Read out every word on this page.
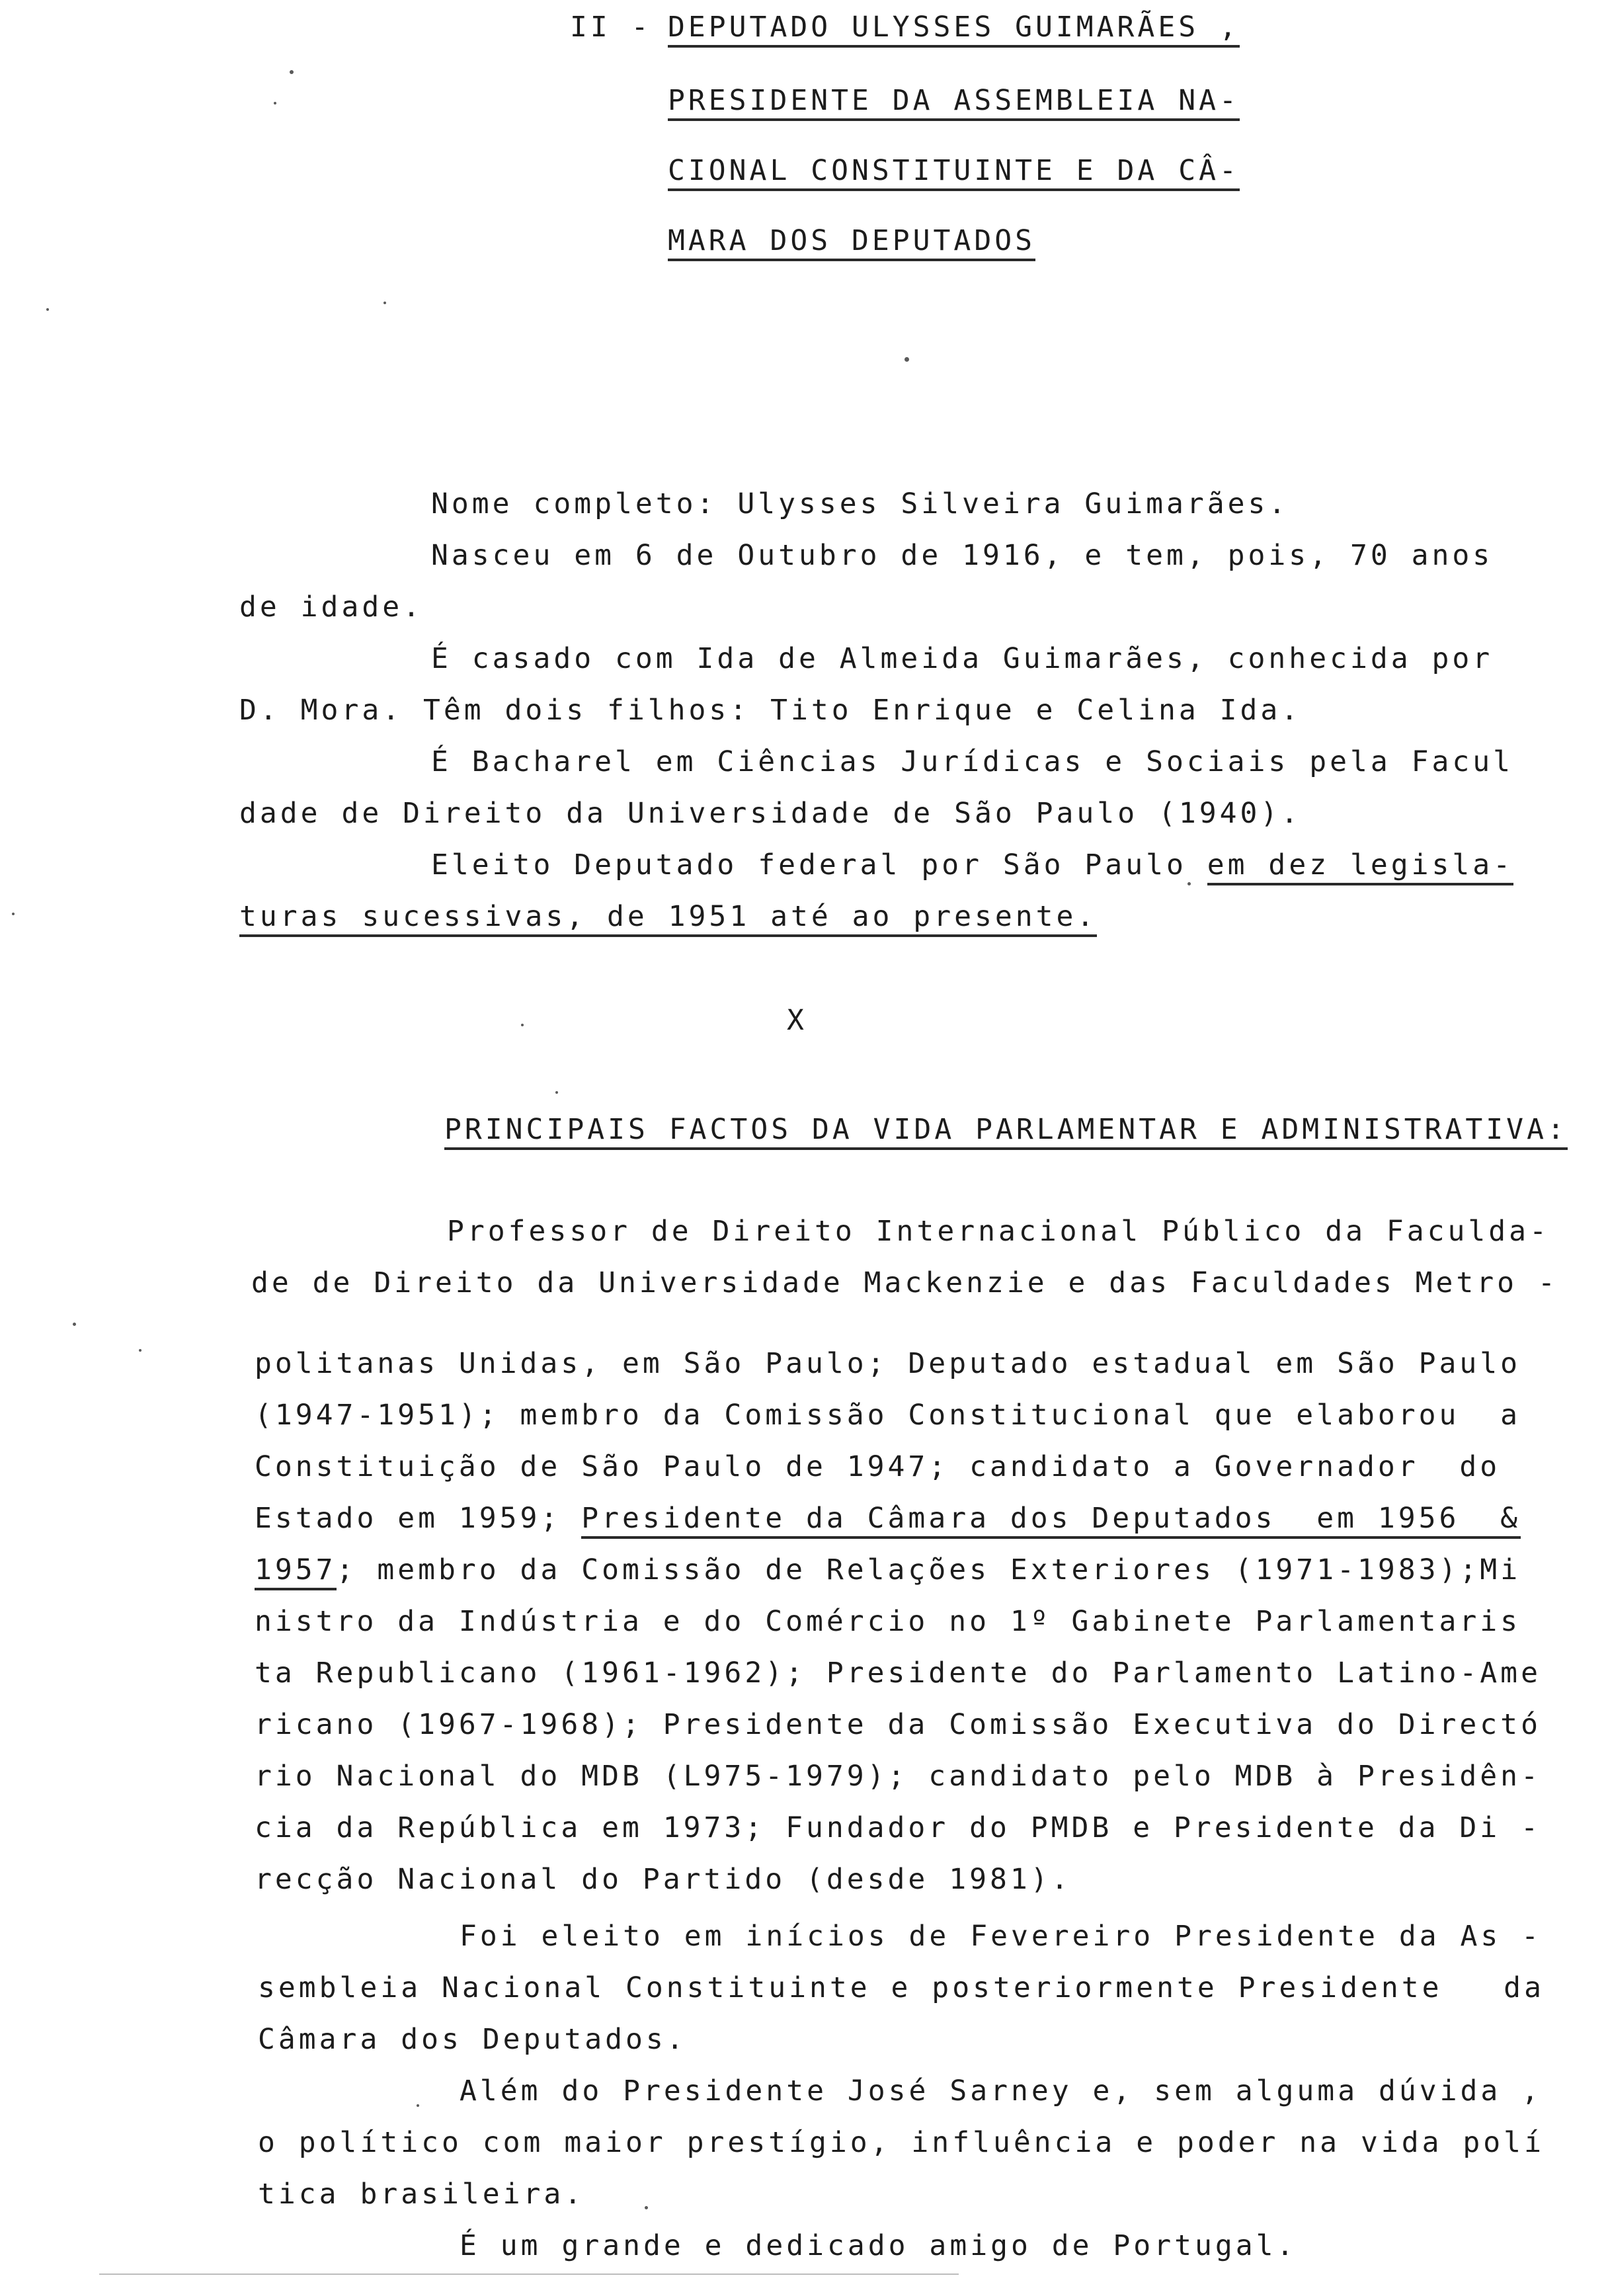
II - DEPUTADO ULYSSES GUIMARÃES ,
PRESIDENTE DA ASSEMBLEIA NA-
CIONAL CONSTITUINTE E DA CÂ-
MARA DOS DEPUTADOS
Nome completo: Ulysses Silveira Guimarães.
Nasceu em 6 de Outubro de 1916, e tem, pois, 70 anos
de idade.
É casado com Ida de Almeida Guimarães, conhecida por
D. Mora. Têm dois filhos: Tito Enrique e Celina Ida.
É Bacharel em Ciências Jurídicas e Sociais pela Facul
dade de Direito da Universidade de São Paulo (1940).
Eleito Deputado federal por São Paulo em dez legisla-
turas sucessivas, de 1951 até ao presente.
X
PRINCIPAIS FACTOS DA VIDA PARLAMENTAR E ADMINISTRATIVA:
Professor de Direito Internacional Público da Faculda-
de de Direito da Universidade Mackenzie e das Faculdades Metro -
politanas Unidas, em São Paulo; Deputado estadual em São Paulo
(1947-1951); membro da Comissão Constitucional que elaborou  a
Constituição de São Paulo de 1947; candidato a Governador  do
Estado em 1959; Presidente da Câmara dos Deputados  em 1956  &
1957; membro da Comissão de Relações Exteriores (1971-1983);Mi
nistro da Indústria e do Comércio no 1º Gabinete Parlamentaris
ta Republicano (1961-1962); Presidente do Parlamento Latino-Ame
ricano (1967-1968); Presidente da Comissão Executiva do Directó
rio Nacional do MDB (L975-1979); candidato pelo MDB à Presidên-
cia da República em 1973; Fundador do PMDB e Presidente da Di -
recção Nacional do Partido (desde 1981).
Foi eleito em inícios de Fevereiro Presidente da As -
sembleia Nacional Constituinte e posteriormente Presidente   da
Câmara dos Deputados.
Além do Presidente José Sarney e, sem alguma dúvida ,
o político com maior prestígio, influência e poder na vida polí
tica brasileira.
É um grande e dedicado amigo de Portugal.
